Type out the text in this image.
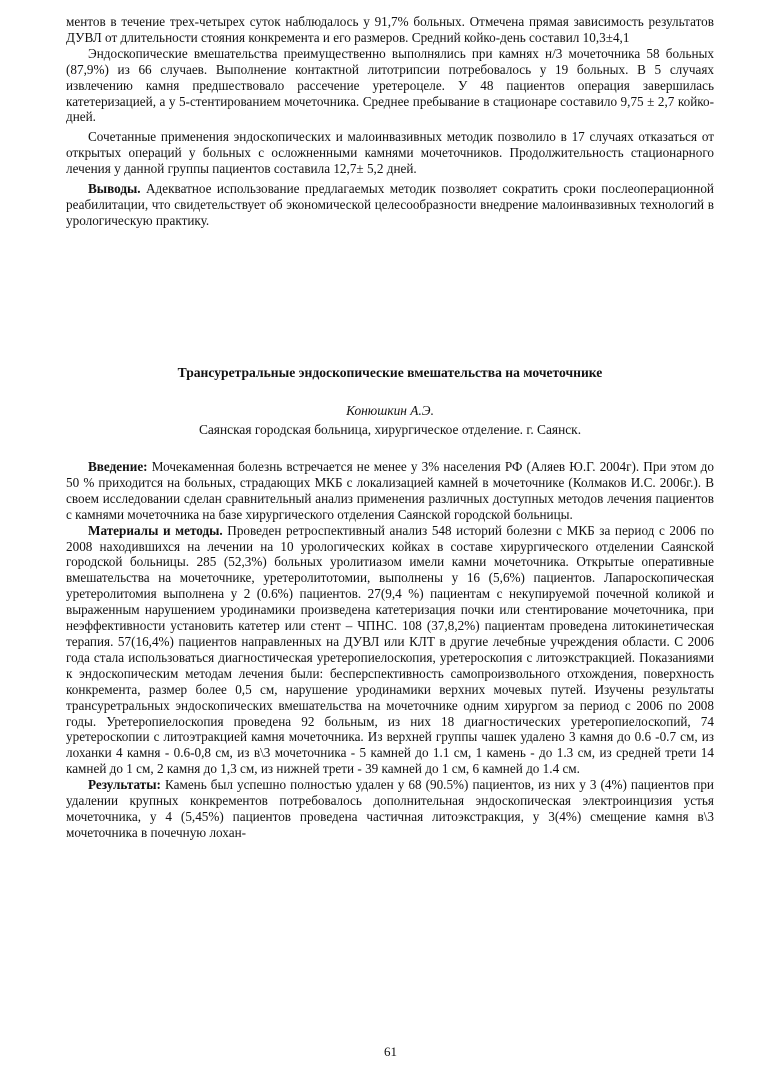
ментов в течение трех-четырех суток наблюдалось у 91,7% больных. Отмечена прямая зависимость результатов ДУВЛ от длительности стояния конкремента и его размеров. Средний койко-день составил 10,3±4,1

Эндоскопические вмешательства преимущественно выполнялись при камнях н/3 мочеточника 58 больных (87,9%) из 66 случаев. Выполнение контактной литотрипсии потребовалось у 19 больных. В 5 случаях извлечению камня предшествовало рассечение уретероцеле. У 48 пациентов операция завершилась катетеризацией, а у 5-стентированием мочеточника. Среднее пребывание в стационаре составило 9,75 ± 2,7 койко-дней.

Сочетанные применения эндоскопических и малоинвазивных методик позволило в 17 случаях отказаться от открытых операций у больных с осложненными камнями мочеточников. Продолжительность стационарного лечения у данной группы пациентов составила 12,7± 5,2 дней.

Выводы. Адекватное использование предлагаемых методик позволяет сократить сроки послеоперационной реабилитации, что свидетельствует об экономической целесообразности внедрение малоинвазивных технологий в урологическую практику.

Трансуретральные эндоскопические вмешательства на мочеточнике
Конюшкин А.Э.
Саянская городская больница, хирургическое отделение. г. Саянск.

Введение: Мочекаменная болезнь встречается не менее у 3% населения РФ (Аляев Ю.Г. 2004г). При этом до 50 % приходится на больных, страдающих МКБ с локализацией камней в мочеточнике (Колмаков И.С. 2006г.). В своем исследовании сделан сравнительный анализ применения различных доступных методов лечения пациентов с камнями мочеточника на базе хирургического отделения Саянской городской больницы.

Материалы и методы. Проведен ретроспективный анализ 548 историй болезни с МКБ за период с 2006 по 2008 находившихся на лечении на 10 урологических койках в составе хирургического отделении Саянской городской больницы. 285 (52,3%) больных уролитиазом имели камни мочеточника. Открытые оперативные вмешательства на мочеточнике, уретеролитотомии, выполнены у 16 (5,6%) пациентов. Лапароскопическая уретеролитомия выполнена у 2 (0.6%) пациентов. 27(9,4 %) пациентам с некупируемой почечной коликой и выраженным нарушением уродинамики произведена катетеризация почки или стентирование мочеточника, при неэффективности установить катетер или стент – ЧПНС. 108 (37,8,2%) пациентам проведена литокинетическая терапия. 57(16,4%) пациентов направленных на ДУВЛ или КЛТ в другие лечебные учреждения области. С 2006 года стала использоваться диагностическая уретеропиелоскопия, уретероскопия с литоэкстракцией. Показаниями к эндоскопическим методам лечения были: бесперспективность самопроизвольного отхождения, поверхность конкремента, размер более 0,5 см, нарушение уродинамики верхних мочевых путей. Изучены результаты трансуретральных эндоскопических вмешательства на мочеточнике одним хирургом за период с 2006 по 2008 годы. Уретеропиелоскопия проведена 92 больным, из них 18 диагностических уретеропиелоскопий, 74 уретероскопии с литоэтракцией камня мочеточника. Из верхней группы чашек удалено 3 камня до 0.6 -0.7 см, из лоханки 4 камня - 0.6-0,8 см, из в\3 мочеточника - 5 камней до 1.1 см, 1 камень - до 1.3 см, из средней трети 14 камней до 1 см, 2 камня до 1,3 см, из нижней трети - 39 камней до 1 см, 6 камней до 1.4 см.

Результаты: Камень был успешно полностью удален у 68 (90.5%) пациентов, из них у 3 (4%) пациентов при удалении крупных конкрементов потребовалось дополнительная эндоскопическая электроинцизия устья мочеточника, у 4 (5,45%) пациентов проведена частичная литоэкстракция, у 3(4%) смещение камня в\3 мочеточника в почечную лохан-

61
